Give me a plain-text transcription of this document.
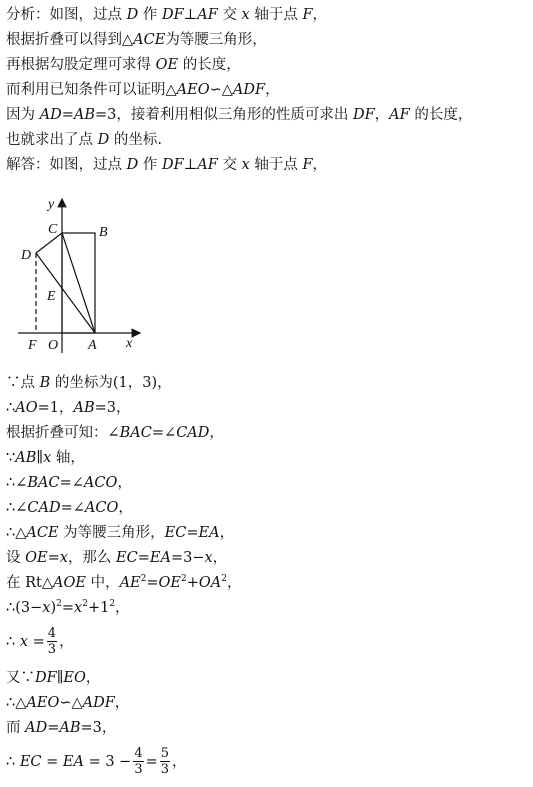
分析：如图，过点 D 作 DF⊥AF 交 x 轴于点 F，
根据折叠可以得到△ACE为等腰三角形，
再根据勾股定理可求得 OE 的长度，
而利用已知条件可以证明△AEO∽△ADF，
因为 AD=AB=3，接着利用相似三角形的性质可求出 DF，AF 的长度，
也就求出了点 D 的坐标.
解答：如图，过点 D 作 DF⊥AF 交 x 轴于点 F，
y
x
C	B
D
E
F O A
∵点 B 的坐标为(1，3)，
∴AO=1，AB=3，
根据折叠可知：∠BAC=∠CAD，
∵AB∥x 轴，
∴∠BAC=∠ACO，
∴∠CAD=∠ACO，
∴△ACE 为等腰三角形，EC=EA，
设 OE=x，那么 EC=EA=3−x，
在 Rt△AOE 中，$AE^2=OE^2+OA^2$，
$\therefore(3-x)^2=x^2+1^2$，
∴ $x = \frac{4}{3}$ ，
又∵DF∥EO，
∴△AEO∽△ADF，
而 AD=AB=3，
∴ EC = EA = $3 - \frac{4}{3} = \frac{5}{3}$ ，
